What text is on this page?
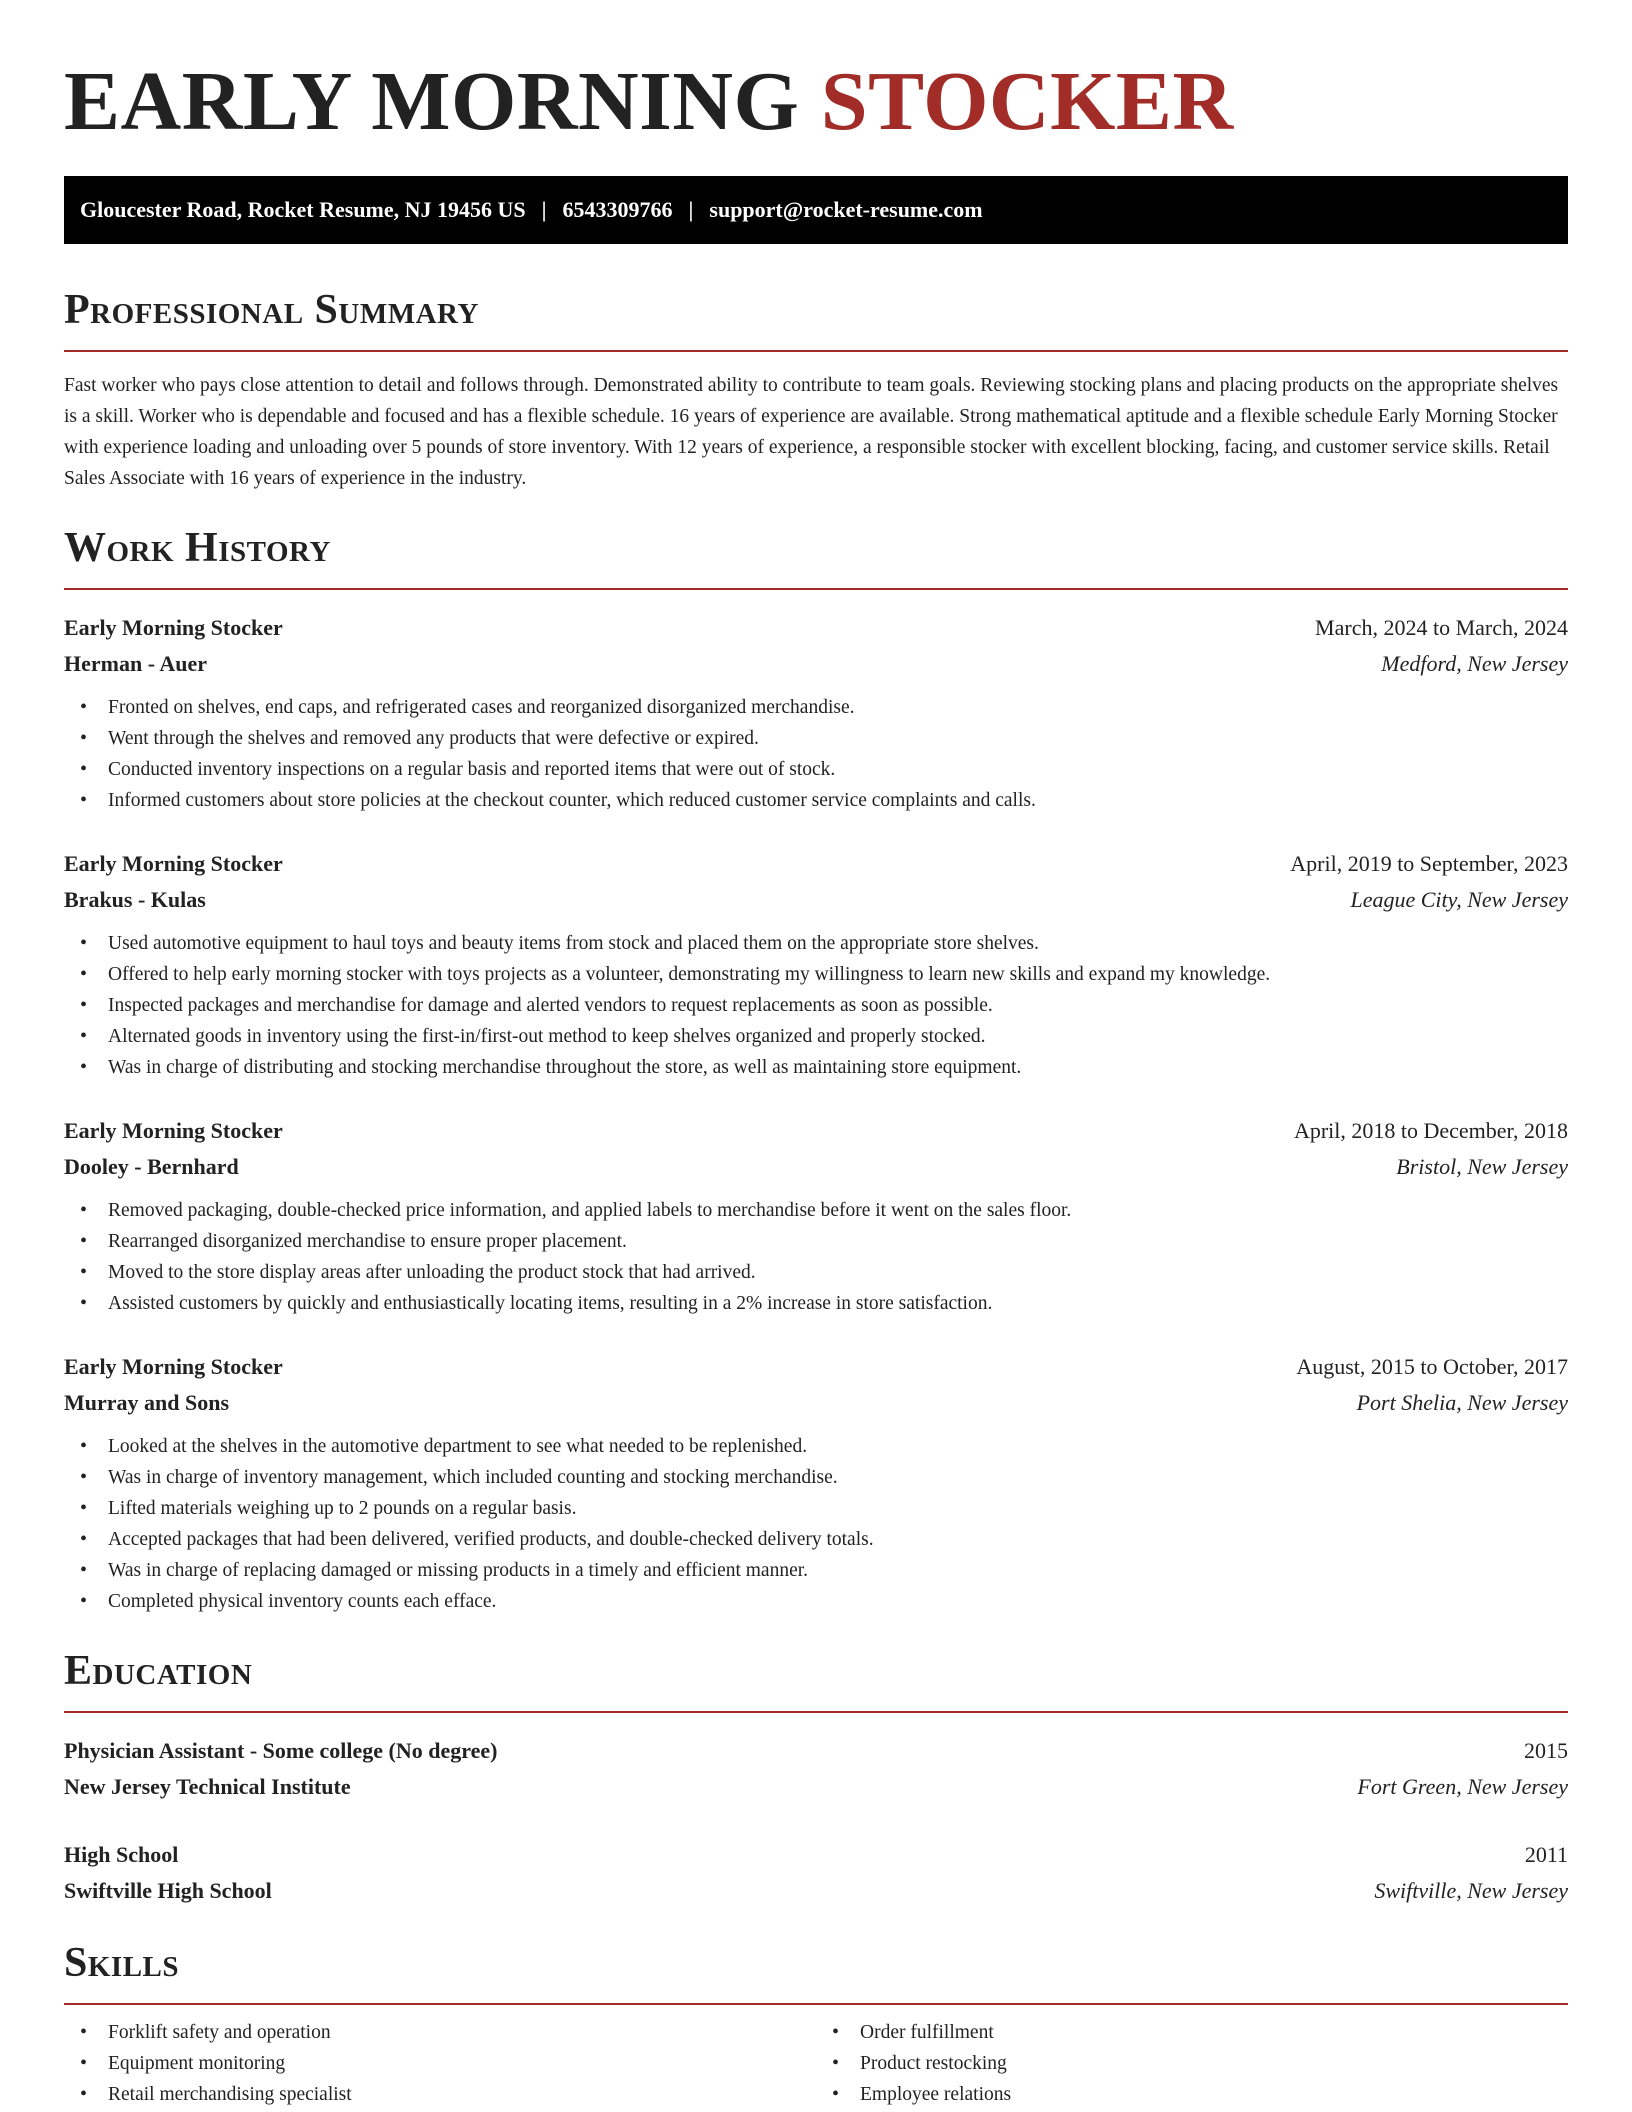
EARLY MORNING STOCKER
Gloucester Road, Rocket Resume, NJ 19456 US | 6543309766 | support@rocket-resume.com
Professional Summary

Fast worker who pays close attention to detail and follows through. Demonstrated ability to contribute to team goals. Reviewing stocking plans and placing products on the appropriate shelves is a skill. Worker who is dependable and focused and has a flexible schedule. 16 years of experience are available. Strong mathematical aptitude and a flexible schedule Early Morning Stocker with experience loading and unloading over 5 pounds of store inventory. With 12 years of experience, a responsible stocker with excellent blocking, facing, and customer service skills. Retail Sales Associate with 16 years of experience in the industry.

Work History
Early Morning Stocker	March, 2024 to March, 2024
Herman - Auer	Medford, New Jersey
• Fronted on shelves, end caps, and refrigerated cases and reorganized disorganized merchandise.
• Went through the shelves and removed any products that were defective or expired.
• Conducted inventory inspections on a regular basis and reported items that were out of stock.
• Informed customers about store policies at the checkout counter, which reduced customer service complaints and calls.
Early Morning Stocker	April, 2019 to September, 2023
Brakus - Kulas	League City, New Jersey
• Used automotive equipment to haul toys and beauty items from stock and placed them on the appropriate store shelves.
• Offered to help early morning stocker with toys projects as a volunteer, demonstrating my willingness to learn new skills and expand my knowledge.
• Inspected packages and merchandise for damage and alerted vendors to request replacements as soon as possible.
• Alternated goods in inventory using the first-in/first-out method to keep shelves organized and properly stocked.
• Was in charge of distributing and stocking merchandise throughout the store, as well as maintaining store equipment.
Early Morning Stocker	April, 2018 to December, 2018
Dooley - Bernhard	Bristol, New Jersey
• Removed packaging, double-checked price information, and applied labels to merchandise before it went on the sales floor.
• Rearranged disorganized merchandise to ensure proper placement.
• Moved to the store display areas after unloading the product stock that had arrived.
• Assisted customers by quickly and enthusiastically locating items, resulting in a 2% increase in store satisfaction.
Early Morning Stocker	August, 2015 to October, 2017
Murray and Sons	Port Shelia, New Jersey
• Looked at the shelves in the automotive department to see what needed to be replenished.
• Was in charge of inventory management, which included counting and stocking merchandise.
• Lifted materials weighing up to 2 pounds on a regular basis.
• Accepted packages that had been delivered, verified products, and double-checked delivery totals.
• Was in charge of replacing damaged or missing products in a timely and efficient manner.
• Completed physical inventory counts each efface.
Education
Physician Assistant - Some college (No degree)	2015
New Jersey Technical Institute	Fort Green, New Jersey
High School	2011
Swiftville High School	Swiftville, New Jersey
Skills
• Forklift safety and operation
• Equipment monitoring
• Retail merchandising specialist
• Order fulfillment
• Product restocking
• Employee relations
